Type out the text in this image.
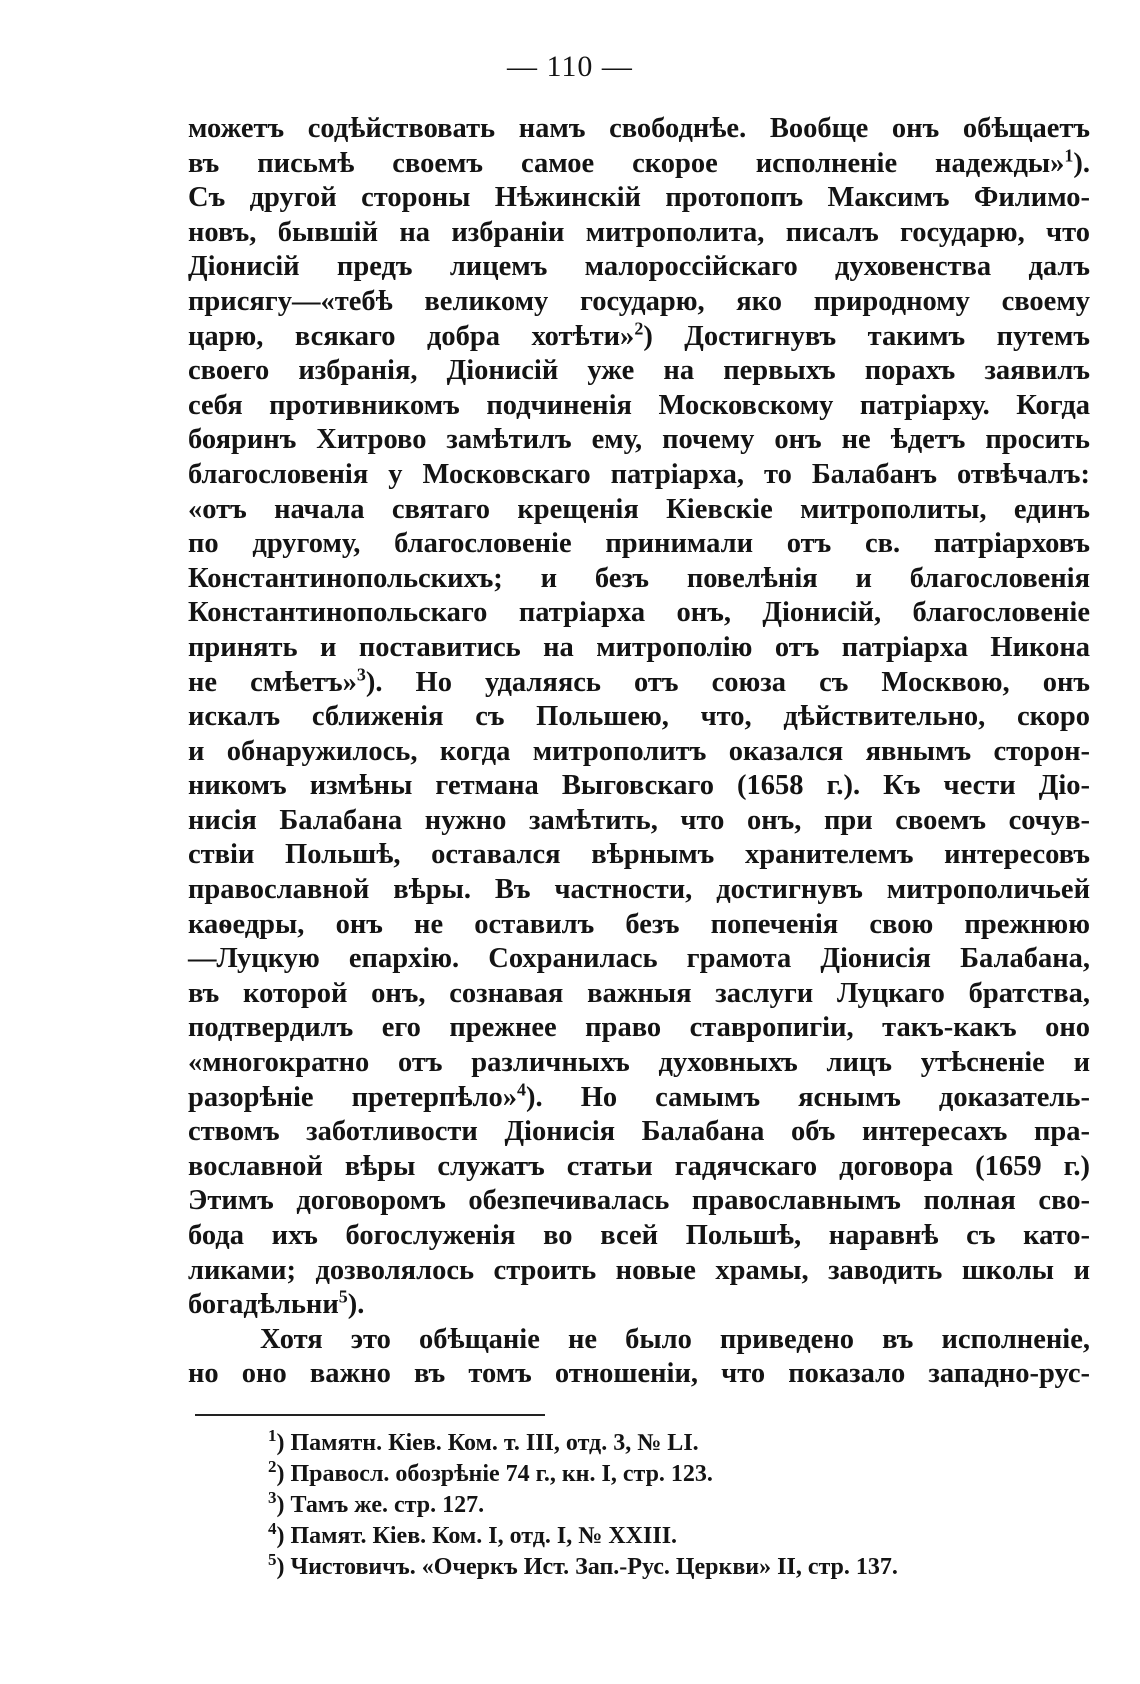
— 110 —
можетъ содѣйствовать намъ свободнѣе. Вообще онъ обѣщаетъ
въ письмѣ своемъ самое скорое исполненіе надежды»$^1$).
Съ другой стороны Нѣжинскій протопопъ Максимъ Филимо-
новъ, бывшій на избраніи митрополита, писалъ государю, что
Діонисій предъ лицемъ малороссійскаго духовенства далъ
присягу—«тебѣ великому государю, яко природному своему
царю, всякаго добра хотѣти»$^2$) Достигнувъ такимъ путемъ
своего избранія, Діонисій уже на первыхъ порахъ заявилъ
себя противникомъ подчиненія Московскому патріарху. Когда
бояринъ Хитрово замѣтилъ ему, почему онъ не ѣдетъ просить
благословенія у Московскаго патріарха, то Балабанъ отвѣчалъ:
«отъ начала святаго крещенія Кіевскіе митрополиты, единъ
по другому, благословеніе принимали отъ св. патріарховъ
Константинопольскихъ; и безъ повелѣнія и благословенія
Константинопольскаго патріарха онъ, Діонисій, благословеніе
принять и поставитись на митрополію отъ патріарха Никона
не смѣетъ»$^3$). Но удаляясь отъ союза съ Москвою, онъ
искалъ сближенія съ Польшею, что, дѣйствительно, скоро
и обнаружилось, когда митрополитъ оказался явнымъ сторон-
никомъ измѣны гетмана Выговскаго (1658 г.). Къ чести Діо-
нисія Балабана нужно замѣтить, что онъ, при своемъ сочув-
ствіи Польшѣ, оставался вѣрнымъ хранителемъ интересовъ
православной вѣры. Въ частности, достигнувъ митрополичьей
каѳедры, онъ не оставилъ безъ попеченія свою прежнюю
—Луцкую епархію. Сохранилась грамота Діонисія Балабана,
въ которой онъ, сознавая важныя заслуги Луцкаго братства,
подтвердилъ его прежнее право ставропигіи, такъ-какъ оно
«многократно отъ различныхъ духовныхъ лицъ утѣсненіе и
разорѣніе претерпѣло»$^4$). Но самымъ яснымъ доказатель-
ствомъ заботливости Діонисія Балабана объ интересахъ пра-
вославной вѣры служатъ статьи гадячскаго договора (1659 г.)
Этимъ договоромъ обезпечивалась православнымъ полная сво-
бода ихъ богослуженія во всей Польшѣ, наравнѣ съ като-
ликами; дозволялось строить новые храмы, заводить школы и
богадѣльни$^5$).
Хотя это обѣщаніе не было приведено въ исполненіе,
но оно важно въ томъ отношеніи, что показало западно-рус-
$^1$) Памятн. Кіев. Ком. т. III, отд. 3, № LI.
$^2$) Правосл. обозрѣніе 74 г., кн. I, стр. 123.
$^3$) Тамъ же. стр. 127.
$^4$) Памят. Кіев. Ком. I, отд. I, № XXIII.
$^5$) Чистовичъ. «Очеркъ Ист. Зап.-Рус. Церкви» II, стр. 137.
